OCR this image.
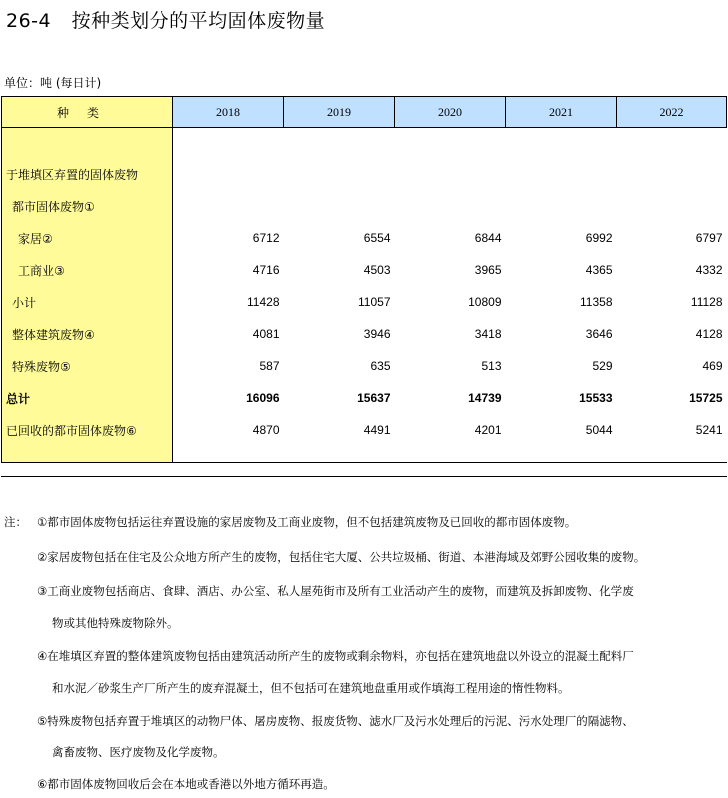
26-4 按种类划分的平均固体废物量
单位：吨 (每日计)
种类	2018	2019	2020	2021	2022

于堆填区弃置的固体废物					
都市固体废物①					
家居②	6712	6554	6844	6992	6797
工商业③	4716	4503	3965	4365	4332
小计	11428	11057	10809	11358	11128
整体建筑废物④	4081	3946	3418	3646	4128
特殊废物⑤	587	635	513	529	469
总计	16096	15637	14739	15533	15725
已回收的都市固体废物⑥	4870	4491	4201	5044	5241

注： ①都市固体废物包括运往弃置设施的家居废物及工商业废物，但不包括建筑废物及已回收的都市固体废物。
②家居废物包括在住宅及公众地方所产生的废物，包括住宅大厦、公共垃圾桶、街道、本港海域及郊野公园收集的废物。
③工商业废物包括商店、食肆、酒店、办公室、私人屋苑街市及所有工业活动产生的废物，而建筑及拆卸废物、化学废
物或其他特殊废物除外。
④在堆填区弃置的整体建筑废物包括由建筑活动所产生的废物或剩余物料，亦包括在建筑地盘以外设立的混凝土配料厂
和水泥／砂浆生产厂所产生的废弃混凝土，但不包括可在建筑地盘重用或作填海工程用途的惰性物料。
⑤特殊废物包括弃置于堆填区的动物尸体、屠房废物、报废货物、滤水厂及污水处理后的污泥、污水处理厂的隔滤物、
禽畜废物、医疗废物及化学废物。
⑥都市固体废物回收后会在本地或香港以外地方循环再造。
